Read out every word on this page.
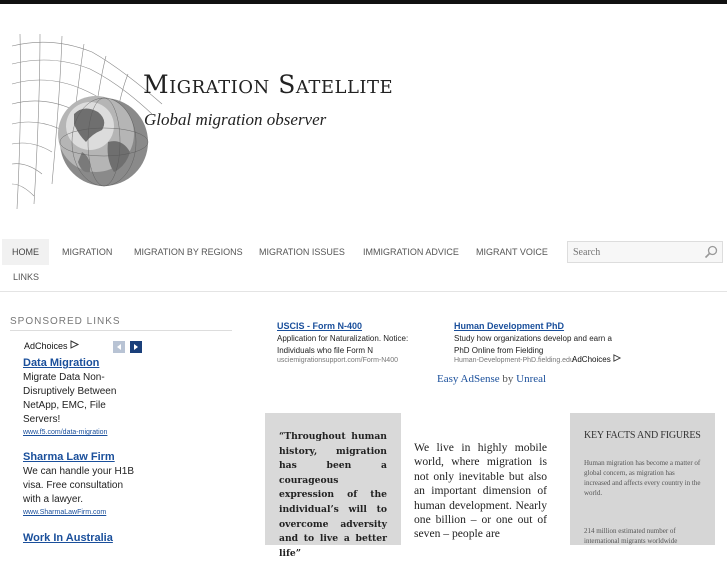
Migration Satellite
Global migration observer
HOME	MIGRATION	MIGRATION BY REGIONS	MIGRATION ISSUES	IMMIGRATION ADVICE	MIGRANT VOICE
LINKS
Search
SPONSORED LINKS
AdChoices

Data Migration
Migrate Data Non-Disruptively Between NetApp, EMC, File Servers!
www.f5.com/data-migration
Sharma Law Firm
We can handle your H1B visa. Free consultation with a lawyer.
www.SharmaLawFirm.com
Work In Australia
USCIS - Form N-400
Application for Naturalization. Notice: Individuals who file Form N
usciemigrationsupport.com/Form-N400
Human Development PhD
Study how organizations develop and earn a PhD Online from Fielding
Human-Development-PhD.fielding.edu
AdChoices
Easy AdSense by Unreal
“Throughout human history, migration has been a courageous expression of the individual’s will to overcome adversity and to live a better life”
We live in highly mobile world, where migration is not only inevitable but also an important dimension of human development. Nearly one billion – or one out of seven – people are
KEY FACTS AND FIGURES
Human migration has become a matter of global concern, as migration has increased and affects every country in the world.
214 million estimated number of international migrants worldwide
